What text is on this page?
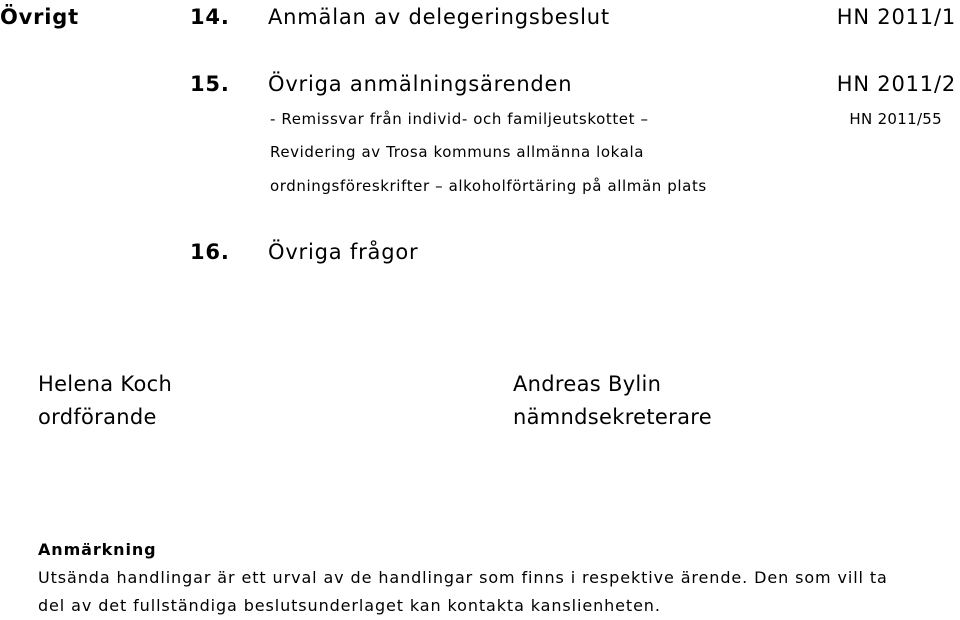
Övrigt	14. Anmälan av delegeringsbeslut	HN 2011/1
15. Övriga anmälningsärenden	HN 2011/2
- Remissvar från individ- och familjeutskottet –
Revidering av Trosa kommuns allmänna lokala
ordningsföreskrifter – alkoholförtäring på allmän plats
HN 2011/55
16. Övriga frågor
Helena Koch
ordförande
Andreas Bylin
nämndsekreterare
Anmärkning
Utsända handlingar är ett urval av de handlingar som finns i respektive ärende. Den som vill ta
del av det fullständiga beslutsunderlaget kan kontakta kanslienheten.
